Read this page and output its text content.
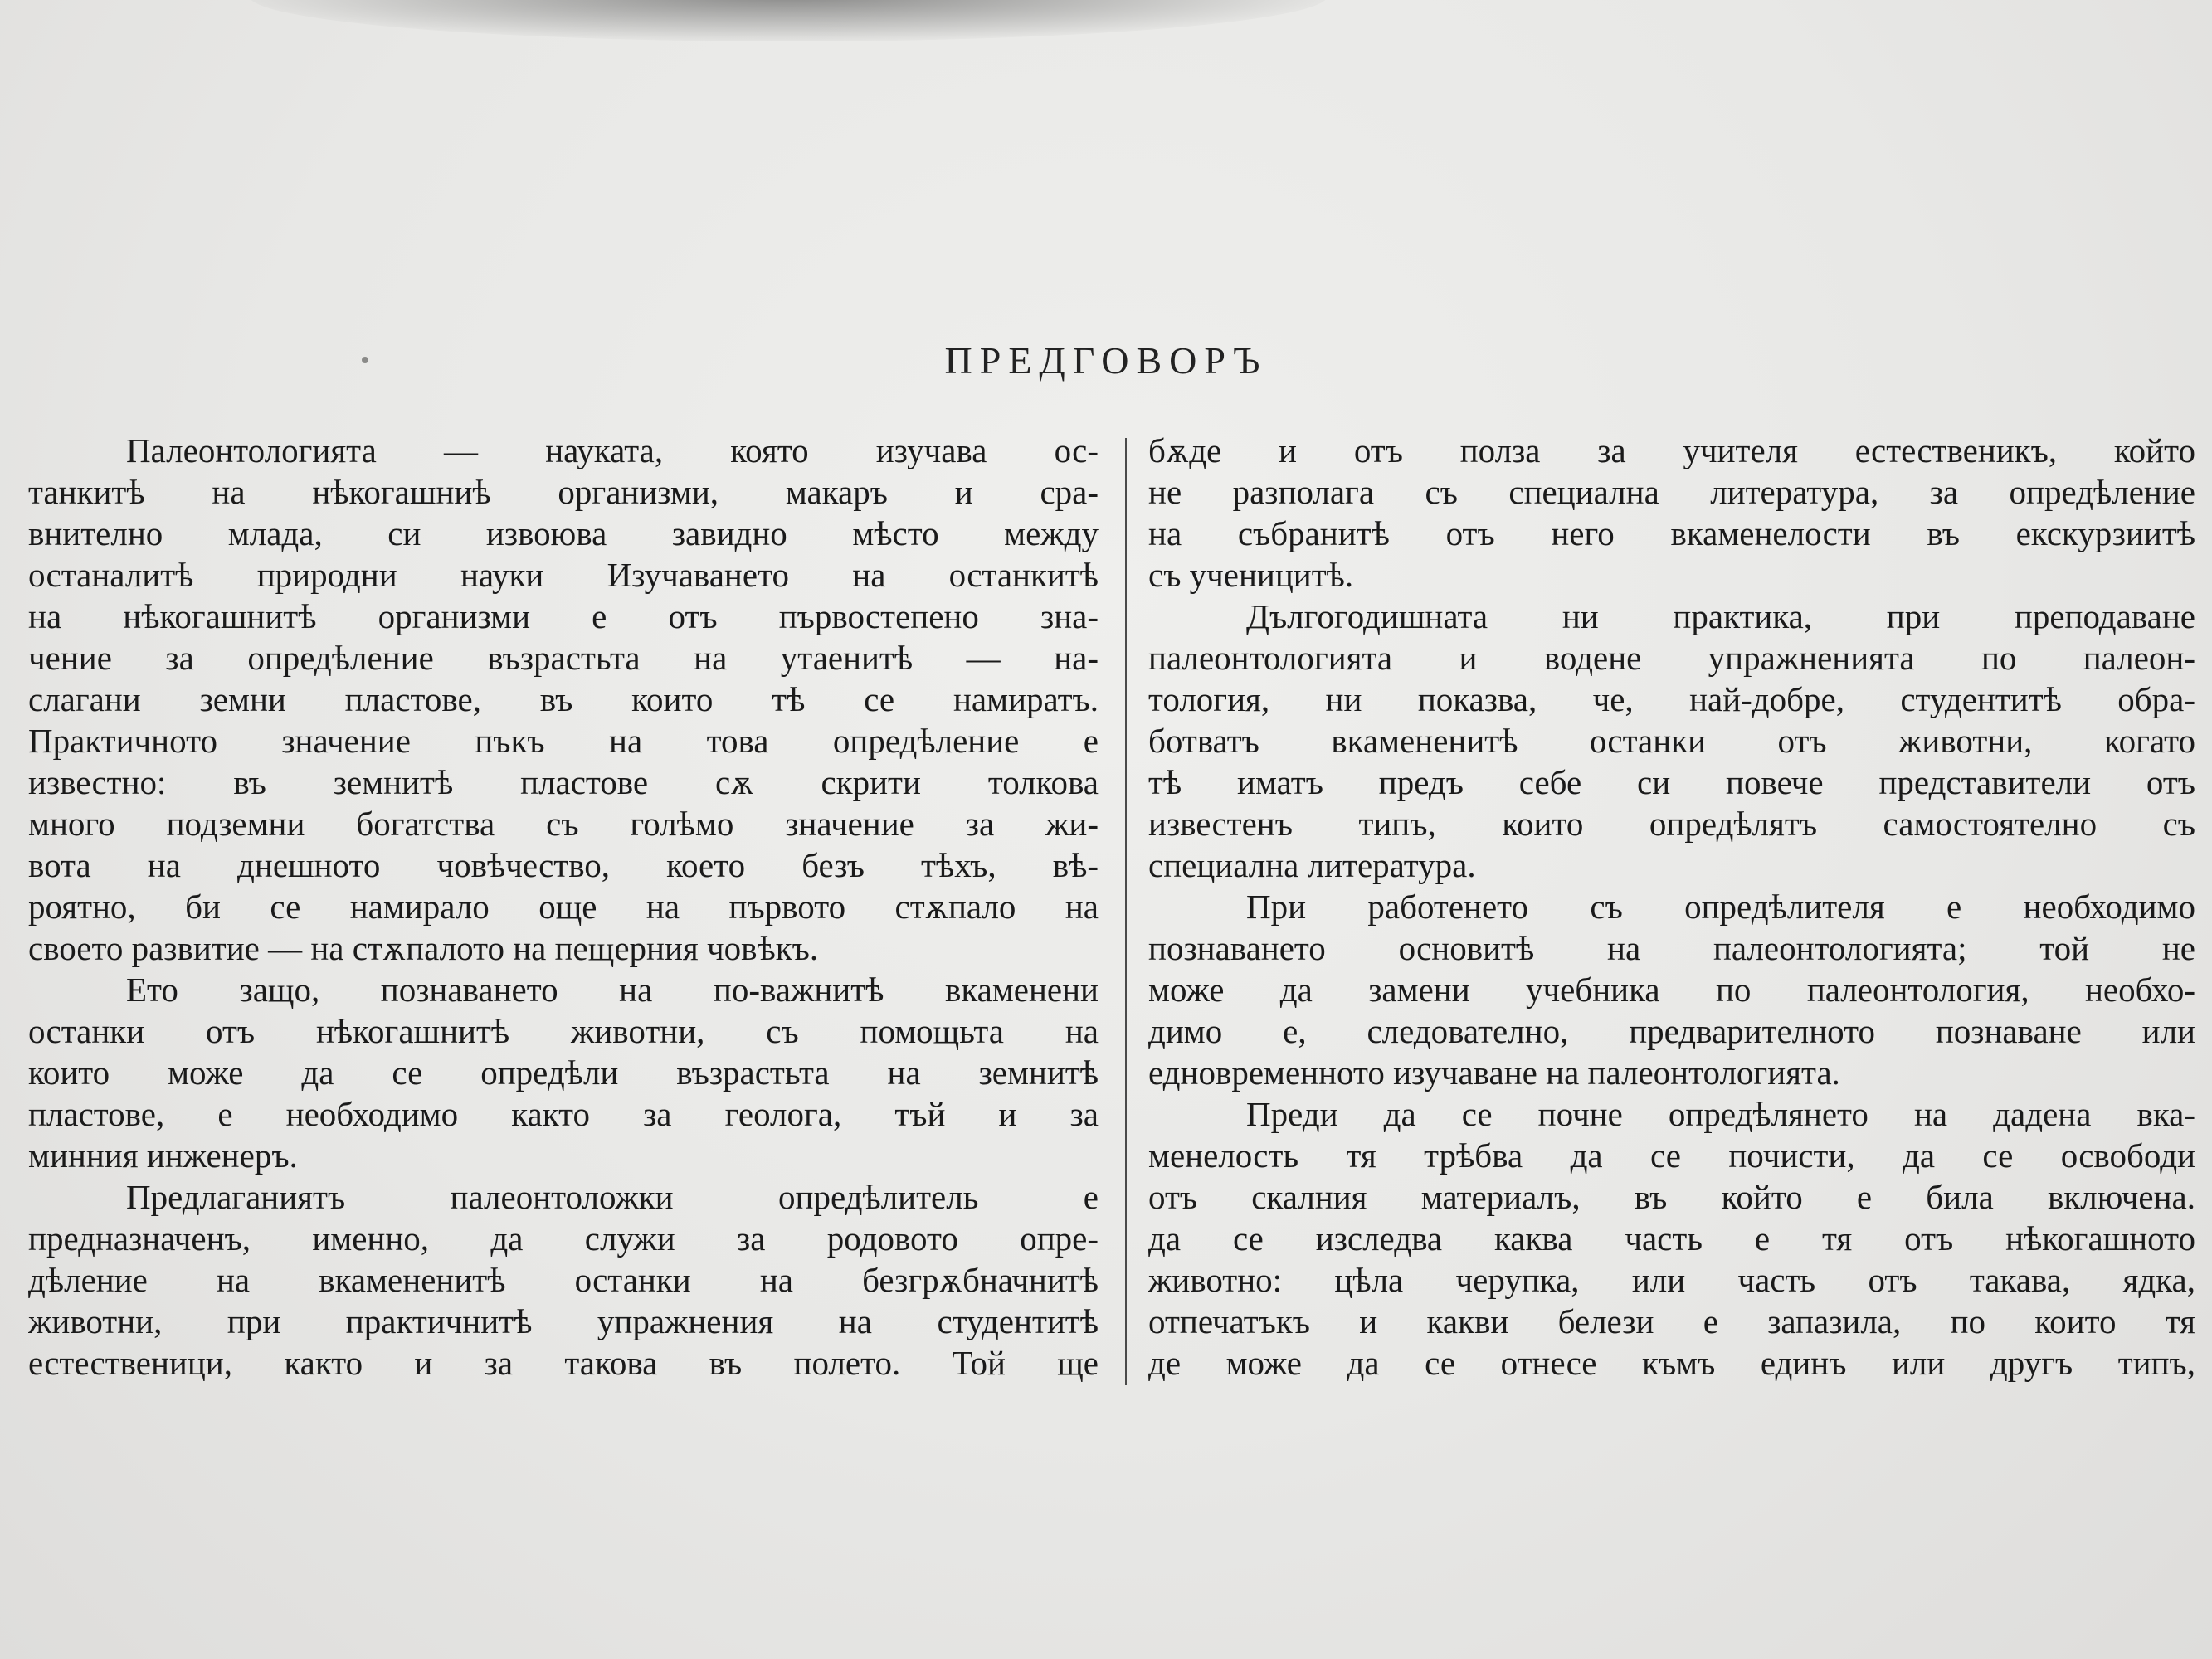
ПРЕДГОВОРЪ
Палеонтологията — науката, която изучава ос-
танкитѣ на нѣкогашниѣ организми, макаръ и сра-
внително млада, си извоюва завидно мѣсто между
останалитѣ природни науки Изучаването на останкитѣ
на нѣкогашнитѣ организми е отъ първостепено зна-
чение за опредѣление възрастьта на утаенитѣ — на-
слагани земни пластове, въ които тѣ се намиратъ.
Практичното значение пъкъ на това опредѣление е
известно: въ земнитѣ пластове сѫ скрити толкова
много подземни богатства съ голѣмо значение за жи-
вота на днешното човѣчество, което безъ тѣхъ, вѣ-
роятно, би се намирало още на първото стѫпало на
своето развитие — на стѫпалото на пещерния човѣкъ.
Ето защо, познаването на по-важнитѣ вкаменени
останки отъ нѣкогашнитѣ животни, съ помощьта на
които може да се опредѣли възрастьта на земнитѣ
пластове, е необходимо както за геолога, тъй и за
минния инженеръ.
Предлаганиятъ палеонтоложки опредѣлитель е
предназначенъ, именно, да служи за родовото опре-
дѣление на вкамененитѣ останки на безгрѫбначнитѣ
животни, при практичнитѣ упражнения на студентитѣ
естественици, както и за такова въ полето. Той ще
бѫде и отъ полза за учителя естественикъ, който
не разполага съ специална литература, за опредѣление
на събранитѣ отъ него вкаменелости въ екскурзиитѣ
съ ученицитѣ.
Дългогодишната ни практика, при преподаване
палеонтологията и водене упражненията по палеон-
тология, ни показва, че, най-добре, студентитѣ обра-
ботватъ вкамененитѣ останки отъ животни, когато
тѣ иматъ предъ себе си повече представители отъ
известенъ типъ, които опредѣлятъ самостоятелно съ
специална литература.
При работенето съ опредѣлителя е необходимо
познаването основитѣ на палеонтологията; той не
може да замени учебника по палеонтология, необхо-
димо е, следователно, предварителното познаване или
едновременното изучаване на палеонтологията.
Преди да се почне опредѣлянето на дадена вка-
менелость тя трѣбва да се почисти, да се освободи
отъ скалния материалъ, въ който е била включена.
да се изследва каква часть е тя отъ нѣкогашното
животно: цѣла черупка, или часть отъ такава, ядка,
отпечатъкъ и какви белези е запазила, по които тя
де може да се отнесе къмъ единъ или другъ типъ,
